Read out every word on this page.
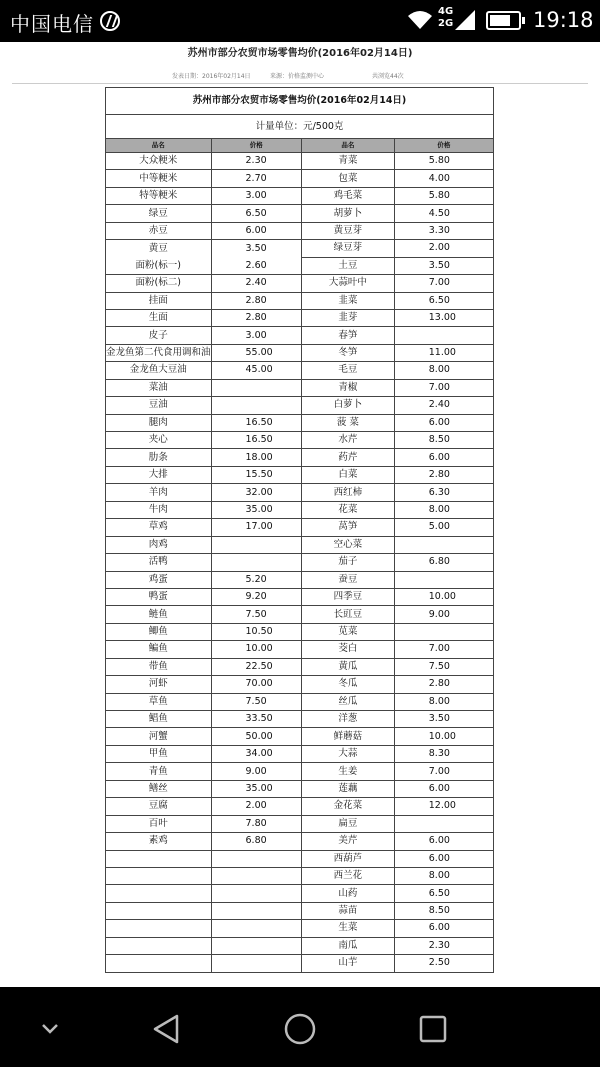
中国电信
4G
2G	19:18
苏州市部分农贸市场零售均价(2016年02月14日)
发表日期：2016年02月14日	来源：价格监测中心	共浏览44次
苏州市部分农贸市场零售均价(2016年02月14日)			
计量单位：元/500克			
品名	价格	品名	价格
大众粳米	2.30	青菜	5.80
中等粳米	2.70	包菜	4.00
特等粳米	3.00	鸡毛菜	5.80
绿豆	6.50	胡萝卜	4.50
赤豆	6.00	黄豆芽	3.30
黄豆	3.50	绿豆芽	2.00
面粉(标一)	2.60	土豆	3.50
面粉(标二)	2.40	大蒜叶中	7.00
挂面	2.80	韭菜	6.50
生面	2.80	韭芽	13.00
皮子	3.00	春笋	
金龙鱼第二代食用调和油	55.00	冬笋	11.00
金龙鱼大豆油	45.00	毛豆	8.00
菜油		青椒	7.00
豆油		白萝卜	2.40
腿肉	16.50	菠 菜	6.00
夹心	16.50	水芹	8.50
肋条	18.00	药芹	6.00
大排	15.50	白菜	2.80
羊肉	32.00	西红柿	6.30
牛肉	35.00	花菜	8.00
草鸡	17.00	莴笋	5.00
肉鸡		空心菜	
活鸭		茄子	6.80
鸡蛋	5.20	蚕豆	
鸭蛋	9.20	四季豆	10.00
鲢鱼	7.50	长豇豆	9.00
鲫鱼	10.50	苋菜	
鳊鱼	10.00	茭白	7.00
带鱼	22.50	黄瓜	7.50
河虾	70.00	冬瓜	2.80
草鱼	7.50	丝瓜	8.00
鲳鱼	33.50	洋葱	3.50
河蟹	50.00	鲜蘑菇	10.00
甲鱼	34.00	大蒜	8.30
青鱼	9.00	生姜	7.00
鳝丝	35.00	莲藕	6.00
豆腐	2.00	金花菜	12.00
百叶	7.80	扁豆	
素鸡	6.80	美芹	6.00
		西葫芦	6.00
		西兰花	8.00
		山药	6.50
		蒜苗	8.50
		生菜	6.00
		南瓜	2.30
		山芋	2.50
